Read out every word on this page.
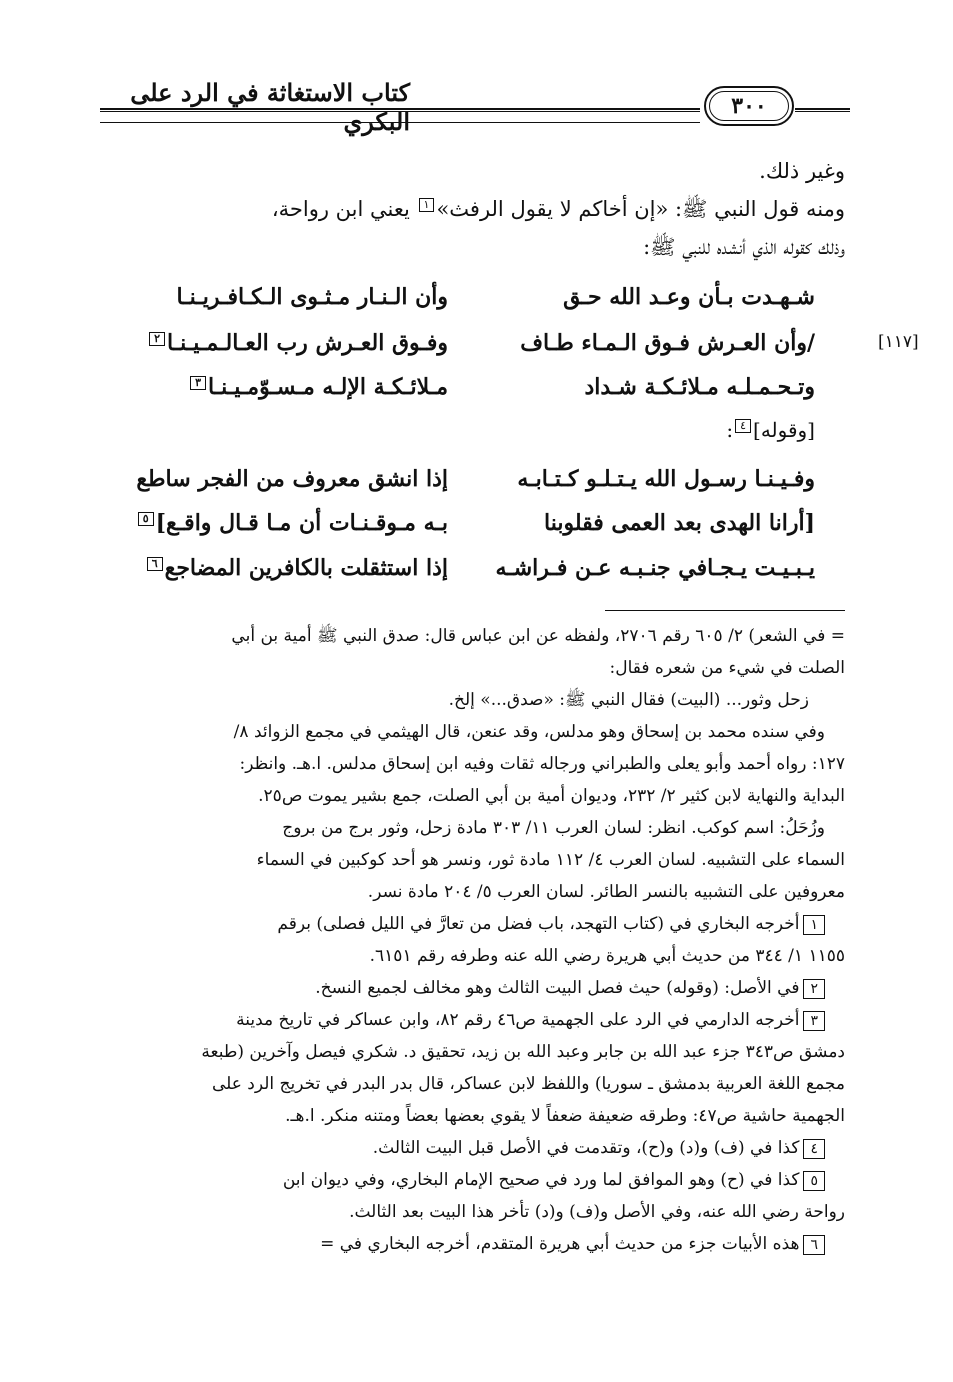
كتاب الاستغاثة في الرد على البكري
٣٠٠
[١١٧]
وغير ذلك.
ومنه قول النبي ﷺ: «إن أخاكم لا يقول الرفث»١ يعني ابن رواحة،
وذلك كقوله الذي أنشده للنبي ﷺ:
شـهـدت بـأن وعـد الله حـق
وأن الـنـار مـثـوى الـكـافـريـنـا
/وأن العـرش فـوق الـمـاء طـاف
وفـوق العـرش رب العـالـمـيـنـا٢
وتـحـمـلـه مـلائـكـة شـداد
مـلائـكـة الإلـه مـسـوّمـيـنـا٣
[وقوله]٤:
وفـيـنـا رسـول الله يـتـلـو كـتـابـه
إذا انشق معروف من الفجر ساطع
[أرانا الهدى بعد العمى فقلوبنا
بـه مـوقـنـات أن مـا قـال واقـع]٥
يـبـيـت يـجـافي جنـبـه عـن فـراشـه
إذا استثقلت بالكافرين المضاجع٦
= في الشعر) ٢/ ٦٠٥ رقم ٢٧٠٦، ولفظه عن ابن عباس قال: صدق النبي ﷺ أمية بن أبي
الصلت في شيء من شعره فقال:
زحل وثور... (البيت) فقال النبي ﷺ: «صدق...» إلخ.
وفي سنده محمد بن إسحاق وهو مدلس، وقد عنعن، قال الهيثمي في مجمع الزوائد ٨/
١٢٧: رواه أحمد وأبو يعلى والطبراني ورجاله ثقات وفيه ابن إسحاق مدلس. ا.هـ. وانظر:
البداية والنهاية لابن كثير ٢/ ٢٣٢، وديوان أمية بن أبي الصلت، جمع بشير يموت ص٢٥.
وزُحَلُ: اسم كوكب. انظر: لسان العرب ١١/ ٣٠٣ مادة زحل، وثور برج من بروج
السماء على التشبيه. لسان العرب ٤/ ١١٢ مادة ثور، ونسر هو أحد كوكبين في السماء
معروفين على التشبيه بالنسر الطائر. لسان العرب ٥/ ٢٠٤ مادة نسر.
١أخرجه البخاري في (كتاب التهجد، باب فضل من تعارَّ في الليل فصلى) برقم
١١٥٥ ١/ ٣٤٤ من حديث أبي هريرة رضي الله عنه وطرفه رقم ٦١٥١.
٢في الأصل: (وقوله) حيث فصل البيت الثالث وهو مخالف لجميع النسخ.
٣أخرجه الدارمي في الرد على الجهمية ص٤٦ رقم ٨٢، وابن عساكر في تاريخ مدينة
دمشق ص٣٤٣ جزء عبد الله بن جابر وعبد الله بن زيد، تحقيق د. شكري فيصل وآخرين (طبعة
مجمع اللغة العربية بدمشق ـ سوريا) واللفظ لابن عساكر، قال بدر البدر في تخريج الرد على
الجهمية حاشية ص٤٧: وطرقه ضعيفة ضعفاً لا يقوي بعضها بعضاً ومتنه منكر. ا.هـ.
٤كذا في (ف) و(د) و(ح)، وتقدمت في الأصل قبل البيت الثالث.
٥كذا في (ح) وهو الموافق لما ورد في صحيح الإمام البخاري، وفي ديوان ابن
رواحة رضي الله عنه، وفي الأصل و(ف) و(د) تأخر هذا البيت بعد الثالث.
٦هذه الأبيات جزء من حديث أبي هريرة المتقدم، أخرجه البخاري في =
